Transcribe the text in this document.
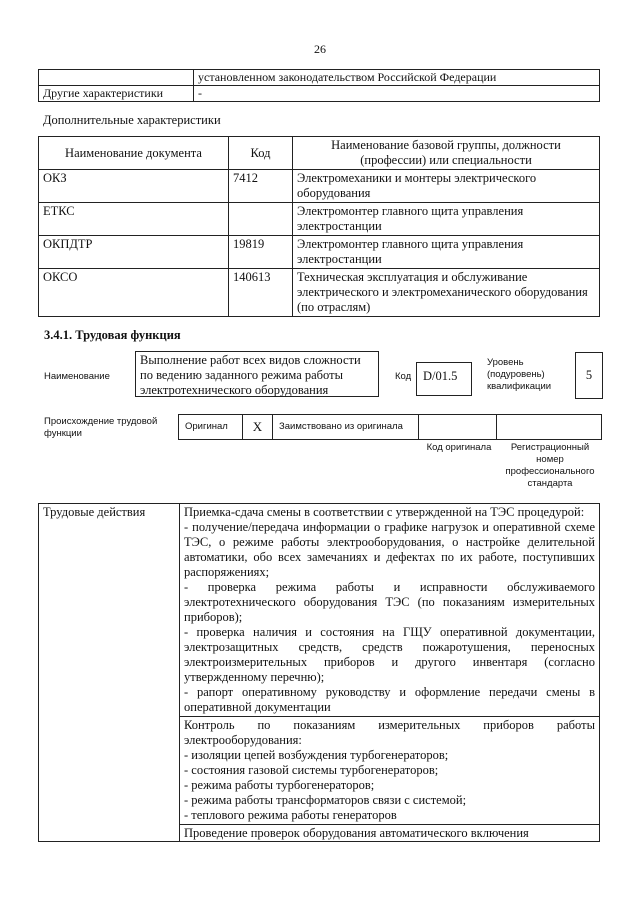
26
	установленном законодательством Российской Федерации
Другие характеристики	-
Дополнительные характеристики
Наименование документа	Код	Наименование базовой группы, должности (профессии) или специальности
ОКЗ	7412	Электромеханики и монтеры электрического оборудования
ЕТКС		Электромонтер главного щита управления электростанции
ОКПДТР	19819	Электромонтер главного щита управления электростанции
ОКСО	140613	Техническая эксплуатация и обслуживание электрического и электромеханического оборудования (по отраслям)
3.4.1. Трудовая функция
Наименование
Выполнение работ всех видов сложности по ведению заданного режима работы электротехнического оборудования
Код D/01.5
Уровень (подуровень) квалификации
5
Происхождение трудовой функции
Оригинал	X	Заимствовано из оригинала		
Код оригинала	Регистрационный номер профессионального стандарта
Трудовые действия	Приемка-сдача смены в соответствии с утвержденной на ТЭС процедурой:
- получение/передача информации о графике нагрузок и оперативной схеме ТЭС, о режиме работы электрооборудования, о настройке делительной автоматики, обо всех замечаниях и дефектах по их работе, поступивших распоряжениях;
- проверка режима работы и исправности обслуживаемого электротехнического оборудования ТЭС (по показаниям измерительных приборов);
- проверка наличия и состояния на ГЩУ оперативной документации, электрозащитных средств, средств пожаротушения, переносных электроизмерительных приборов и другого инвентаря (согласно утвержденному перечню);
- рапорт оперативному руководству и оформление передачи смены в оперативной документации

Контроль по показаниям измерительных приборов работы электрооборудования:
- изоляции цепей возбуждения турбогенераторов;
- состояния газовой системы турбогенераторов;
- режима работы турбогенераторов;
- режима работы трансформаторов связи с системой;
- теплового режима работы генераторов

Проведение проверок оборудования автоматического включения
